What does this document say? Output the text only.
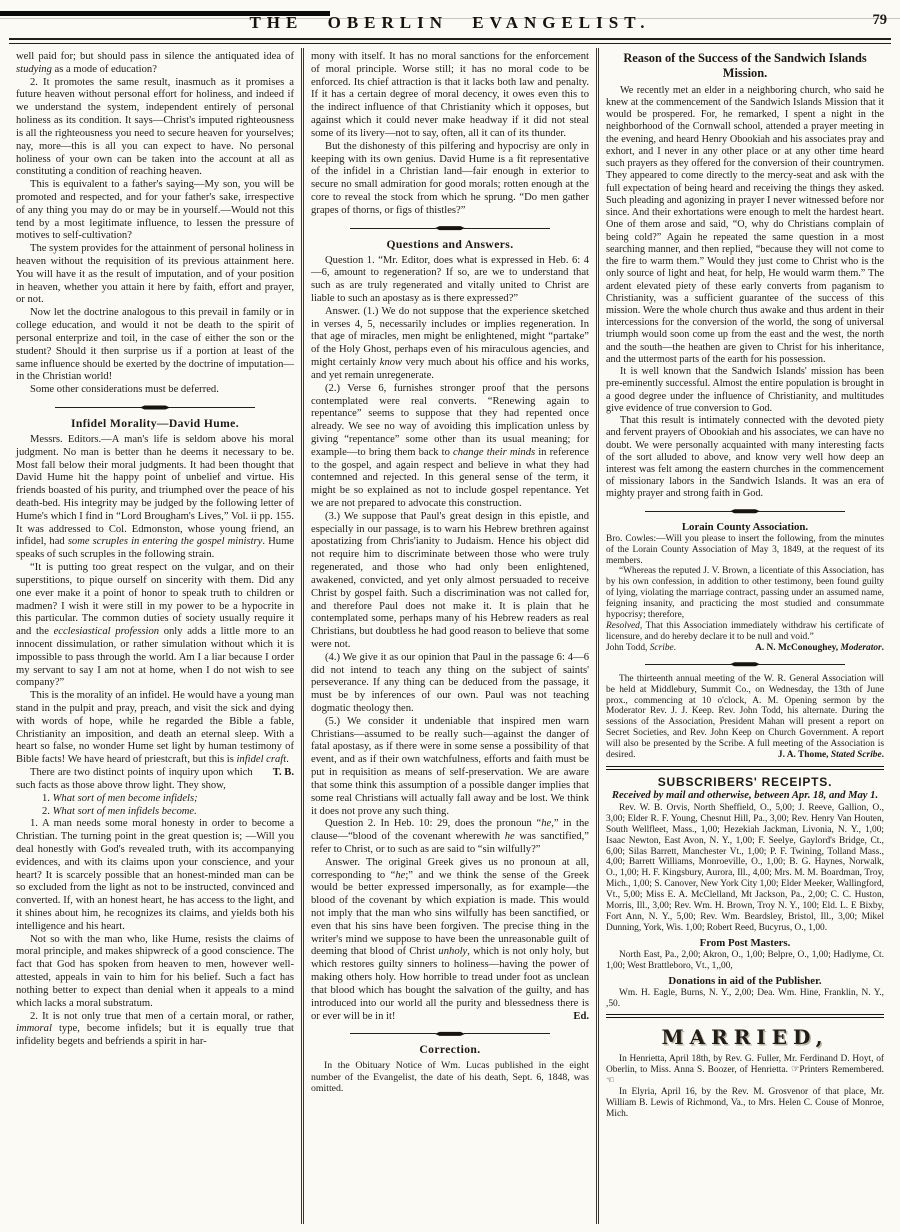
THE OBERLIN EVANGELIST.	79

well paid for; but should pass in silence the antiquated idea of studying as a mode of education?

2. It promotes the same result, inasmuch as it promises a future heaven without personal effort for holiness, and indeed if we understand the system, independent entirely of personal holiness as its condition. It says—Christ's imputed righteousness is all the righteousness you need to secure heaven for yourselves; nay, more—this is all you can expect to have. No personal holiness of your own can be taken into the account at all as constituting a condition of reaching heaven.

This is equivalent to a father's saying—My son, you will be promoted and respected, and for your father's sake, irrespective of any thing you may do or may be in yourself.—Would not this tend by a most legitimate influence, to lessen the pressure of motives to self-cultivation?

The system provides for the attainment of personal holiness in heaven without the requisition of its previous attainment here. You will have it as the result of imputation, and of your position in heaven, whether you attain it here by faith, effort and prayer, or not.

Now let the doctrine analogous to this prevail in family or in college education, and would it not be death to the spirit of personal enterprize and toil, in the case of either the son or the student? Should it then surprise us if a portion at least of the same influence should be exerted by the doctrine of imputation—in the Christian world!

Some other considerations must be deferred.

Infidel Morality—David Hume.

Messrs. Editors.—A man's life is seldom above his moral judgment. No man is better than he deems it necessary to be. Most fall below their moral judgments. It had been thought that David Hume hit the happy point of unbelief and virtue. His friends boasted of his purity, and triumphed over the peace of his death-bed. His integrity may be judged by the following letter of Hume's which I find in “Lord Brougham's Lives,” Vol. ii pp. 155. It was addressed to Col. Edmonston, whose young friend, an infidel, had some scruples in entering the gospel ministry. Hume speaks of such scruples in the following strain.

“It is putting too great respect on the vulgar, and on their superstitions, to pique ourself on sincerity with them. Did any one ever make it a point of honor to speak truth to children or madmen? I wish it were still in my power to be a hypocrite in this particular. The common duties of society usually require it and the ecclesiastical profession only adds a little more to an innocent dissimulation, or rather simulation without which it is impossible to pass through the world. Am I a liar because I order my servant to say I am not at home, when I do not wish to see company?”

This is the morality of an infidel. He would have a young man stand in the pulpit and pray, preach, and visit the sick and dying with words of hope, while he regarded the Bible a fable, Christianity an imposition, and death an eternal sleep. With a heart so false, no wonder Hume set light by human testimony of Bible facts! We have heard of priestcraft, but this is infidel craft.
T. B.

There are two distinct points of inquiry upon which such facts as those above throw light. They show,

1. What sort of men become infidels;

2. What sort of men infidels become.

1. A man needs some moral honesty in order to become a Christian. The turning point in the great question is; —Will you deal honestly with God's revealed truth, with its accompanying evidences, and with its claims upon your conscience, and your heart? It is scarcely possible that an honest-minded man can be so excluded from the light as not to be instructed, convinced and converted. If, with an honest heart, he has access to the light, and it shines about him, he recognizes its claims, and yields both his intelligence and his heart.

Not so with the man who, like Hume, resists the claims of moral principle, and makes shipwreck of a good conscience. The fact that God has spoken from heaven to men, however well-attested, appeals in vain to him for his belief. Such a fact has nothing better to expect than denial when it appeals to a mind which lacks a moral substratum.

2. It is not only true that men of a certain moral, or rather, immoral type, become infidels; but it is equally true that infidelity begets and befriends a spirit in har-

mony with itself. It has no moral sanctions for the enforcement of moral principle. Worse still; it has no moral code to be enforced. Its chief attraction is that it lacks both law and penalty. If it has a certain degree of moral decency, it owes even this to the indirect influence of that Christianity which it opposes, but against which it could never make headway if it did not steal some of its livery—not to say, often, all it can of its thunder.

But the dishonesty of this pilfering and hypocrisy are only in keeping with its own genius. David Hume is a fit representative of the infidel in a Christian land—fair enough in exterior to secure no small admiration for good morals; rotten enough at the core to reveal the stock from which he sprung. “Do men gather grapes of thorns, or figs of thistles?”

Questions and Answers.

Question 1. “Mr. Editor, does what is expressed in Heb. 6: 4—6, amount to regeneration? If so, are we to understand that such as are truly regenerated and vitally united to Christ are liable to such an apostasy as is there expressed?”

Answer. (1.) We do not suppose that the experience sketched in verses 4, 5, necessarily includes or implies regeneration. In that age of miracles, men might be enlightened, might “partake” of the Holy Ghost, perhaps even of his miraculous agencies, and might certainly know very much about his office and his works, and yet remain unregenerate.

(2.) Verse 6, furnishes stronger proof that the persons contemplated were real converts. “Renewing again to repentance” seems to suppose that they had repented once already. We see no way of avoiding this implication unless by giving “repentance” some other than its usual meaning; for example—to bring them back to change their minds in reference to the gospel, and again respect and believe in what they had contemned and rejected. In this general sense of the term, it might be so explained as not to include gospel repentance. Yet we are not prepared to advocate this construction.

(3.) We suppose that Paul's great design in this epistle, and especially in our passage, is to warn his Hebrew brethren against apostatizing from Chris'ianity to Judaism. Hence his object did not require him to discriminate between those who were truly regenerated, and those who had only been enlightened, awakened, convicted, and yet only almost persuaded to receive Christ by gospel faith. Such a discrimination was not called for, and therefore Paul does not make it. It is plain that he contemplated some, perhaps many of his Hebrew readers as real Christians, but doubtless he had good reason to believe that some were not.

(4.) We give it as our opinion that Paul in the passage 6: 4—6 did not intend to teach any thing on the subject of saints' perseverance. If any thing can be deduced from the passage, it must be by inferences of our own. Paul was not teaching dogmatic theology then.

(5.) We consider it undeniable that inspired men warn Christians—assumed to be really such—against the danger of fatal apostasy, as if there were in some sense a possibility of that event, and as if their own watchfulness, efforts and faith must be put in requisition as means of self-preservation. We are aware that some think this assumption of a possible danger implies that some real Christians will actually fall away and be lost. We think it does not prove any such thing.

Question 2. In Heb. 10: 29, does the pronoun “he,” in the clause—“blood of the covenant wherewith he was sanctified,” refer to Christ, or to such as are said to “sin wilfully?”

Answer. The original Greek gives us no pronoun at all, corresponding to “he;” and we think the sense of the Greek would be better expressed impersonally, as for example—the blood of the covenant by which expiation is made. This would not imply that the man who sins wilfully has been sanctified, or even that his sins have been forgiven. The precise thing in the writer's mind we suppose to have been the unreasonable guilt of deeming that blood of Christ unholy, which is not only holy, but which restores guilty sinners to holiness—having the power of making others holy. How horrible to tread under foot as unclean that blood which has bought the salvation of the guilty, and has introduced into our world all the purity and blessedness there is or ever will be in it!	Ed.

Correction.

In the Obituary Notice of Wm. Lucas published in the eight number of the Evangelist, the date of his death, Sept. 6, 1848, was omitted.

Reason of the Success of the Sandwich Islands Mission.

We recently met an elder in a neighboring church, who said he knew at the commencement of the Sandwich Islands Mission that it would be prospered. For, he remarked, I spent a night in the neighborhood of the Cornwall school, attended a prayer meeting in the evening, and heard Henry Obookiah and his associates pray and exhort, and I never in any other place or at any other time heard such prayers as they offered for the conversion of their countrymen. They appeared to come directly to the mercy-seat and ask with the full expectation of being heard and receiving the things they asked. Such pleading and agonizing in prayer I never witnessed before nor since. And their exhortations were enough to melt the hardest heart. One of them arose and said, “O, why do Christians complain of being cold?” Again he repeated the same question in a most searching manner, and then replied, “because they will not come to the fire to warm them.” Would they just come to Christ who is the only source of light and heat, for help, He would warm them.” The ardent elevated piety of these early converts from paganism to Christianity, was a sufficient guarantee of the success of this mission. Were the whole church thus awake and thus ardent in their intercessions for the conversion of the world, the song of universal triumph would soon come up from the east and the west, the north and the south—the heathen are given to Christ for his inheritance, and the uttermost parts of the earth for his possession.

It is well known that the Sandwich Islands' mission has been pre-eminently successful. Almost the entire population is brought in a good degree under the influence of Christianity, and multitudes give evidence of true conversion to God.

That this result is intimately connected with the devoted piety and fervent prayers of Obookiah and his associates, we can have no doubt. We were personally acquainted with many interesting facts of the sort alluded to above, and know very well how deep an interest was felt among the eastern churches in the commencement of missionary labors in the Sandwich Islands. It was an era of mighty prayer and strong faith in God.

Lorain County Association.

Bro. Cowles:—Will you please to insert the following, from the minutes of the Lorain County Association of May 3, 1849, at the request of its members.

“Whereas the reputed J. V. Brown, a licentiate of this Association, has by his own confession, in addition to other testimony, been found guilty of lying, violating the marriage contract, passing under an assumed name, feigning insanity, and practicing the most studied and consummate hypocrisy; therefore,

Resolved, That this Association immediately withdraw his certificate of licensure, and do hereby declare it to be null and void.”
A. N. McConoughey, Moderator.

John Todd, Scribe.

The thirteenth annual meeting of the W. R. General Association will be held at Middlebury, Summit Co., on Wednesday, the 13th of June prox., commencing at 10 o'clock, A. M. Opening sermon by the Moderator Rev. J. J. Keep. Rev. John Todd, his alternate. During the sessions of the Association, President Mahan will present a report on Secret Societies, and Rev. John Keep on Church Government. A report will also be presented by the Scribe. A full meeting of the Association is desired.	J. A. Thome, Stated Scribe.

SUBSCRIBERS' RECEIPTS.

Received by mail and otherwise, between Apr. 18, and May 1.

Rev. W. B. Orvis, North Sheffield, O., 5,00; J. Reeve, Gallion, O., 3,00; Elder R. F. Young, Chesnut Hill, Pa., 3,00; Rev. Henry Van Houten, South Wellfleet, Mass., 1,00; Hezekiah Jackman, Livonia, N. Y., 1,00; Isaac Newton, East Avon, N. Y., 1,00; F. Seelye, Gaylord's Bridge, Ct., 6,00; Silas Barrett, Manchester Vt., 1,00; P. F. Twining, Tolland Mass., 4,00; Barrett Williams, Monroeville, O., 1,00; B. G. Haynes, Norwalk, O., 1,00; H. F. Kingsbury, Aurora, Ill., 4,00; Mrs. M. M. Boardman, Troy, Mich., 1,00; S. Canover, New York City 1,00; Elder Meeker, Wallingford, Vt., 5,00; Miss E. A. McClelland, Mt Jackson, Pa., 2,00; C. C. Huston, Morris, Ill., 3,00; Rev. Wm. H. Brown, Troy N. Y., 100; Eld. L. E Bixby, Fort Ann, N. Y., 5,00; Rev. Wm. Beardsley, Bristol, Ill., 3,00; Mikel Dunning, York, Wis. 1,00; Robert Reed, Bucyrus, O., 1,00.

From Post Masters.

North East, Pa., 2,00; Akron, O., 1,00; Belpre, O., 1,00; Hadlyme, Ct. 1,00; West Brattleboro, Vt., 1,,00,

Donations in aid of the Publisher.

Wm. H. Eagle, Burns, N. Y., 2,00; Dea. Wm. Hine, Franklin, N. Y., ,50.

MARRIED,

In Henrietta, April 18th, by Rev. G. Fuller, Mr. Ferdinand D. Hoyt, of Oberlin, to Miss. Anna S. Boozer, of Henrietta. ☞Printers Remembered.☜

In Elyria, April 16, by the Rev. M. Grosvenor of that place, Mr. William B. Lewis of Richmond, Va., to Mrs. Helen C. Couse of Monroe, Mich.
